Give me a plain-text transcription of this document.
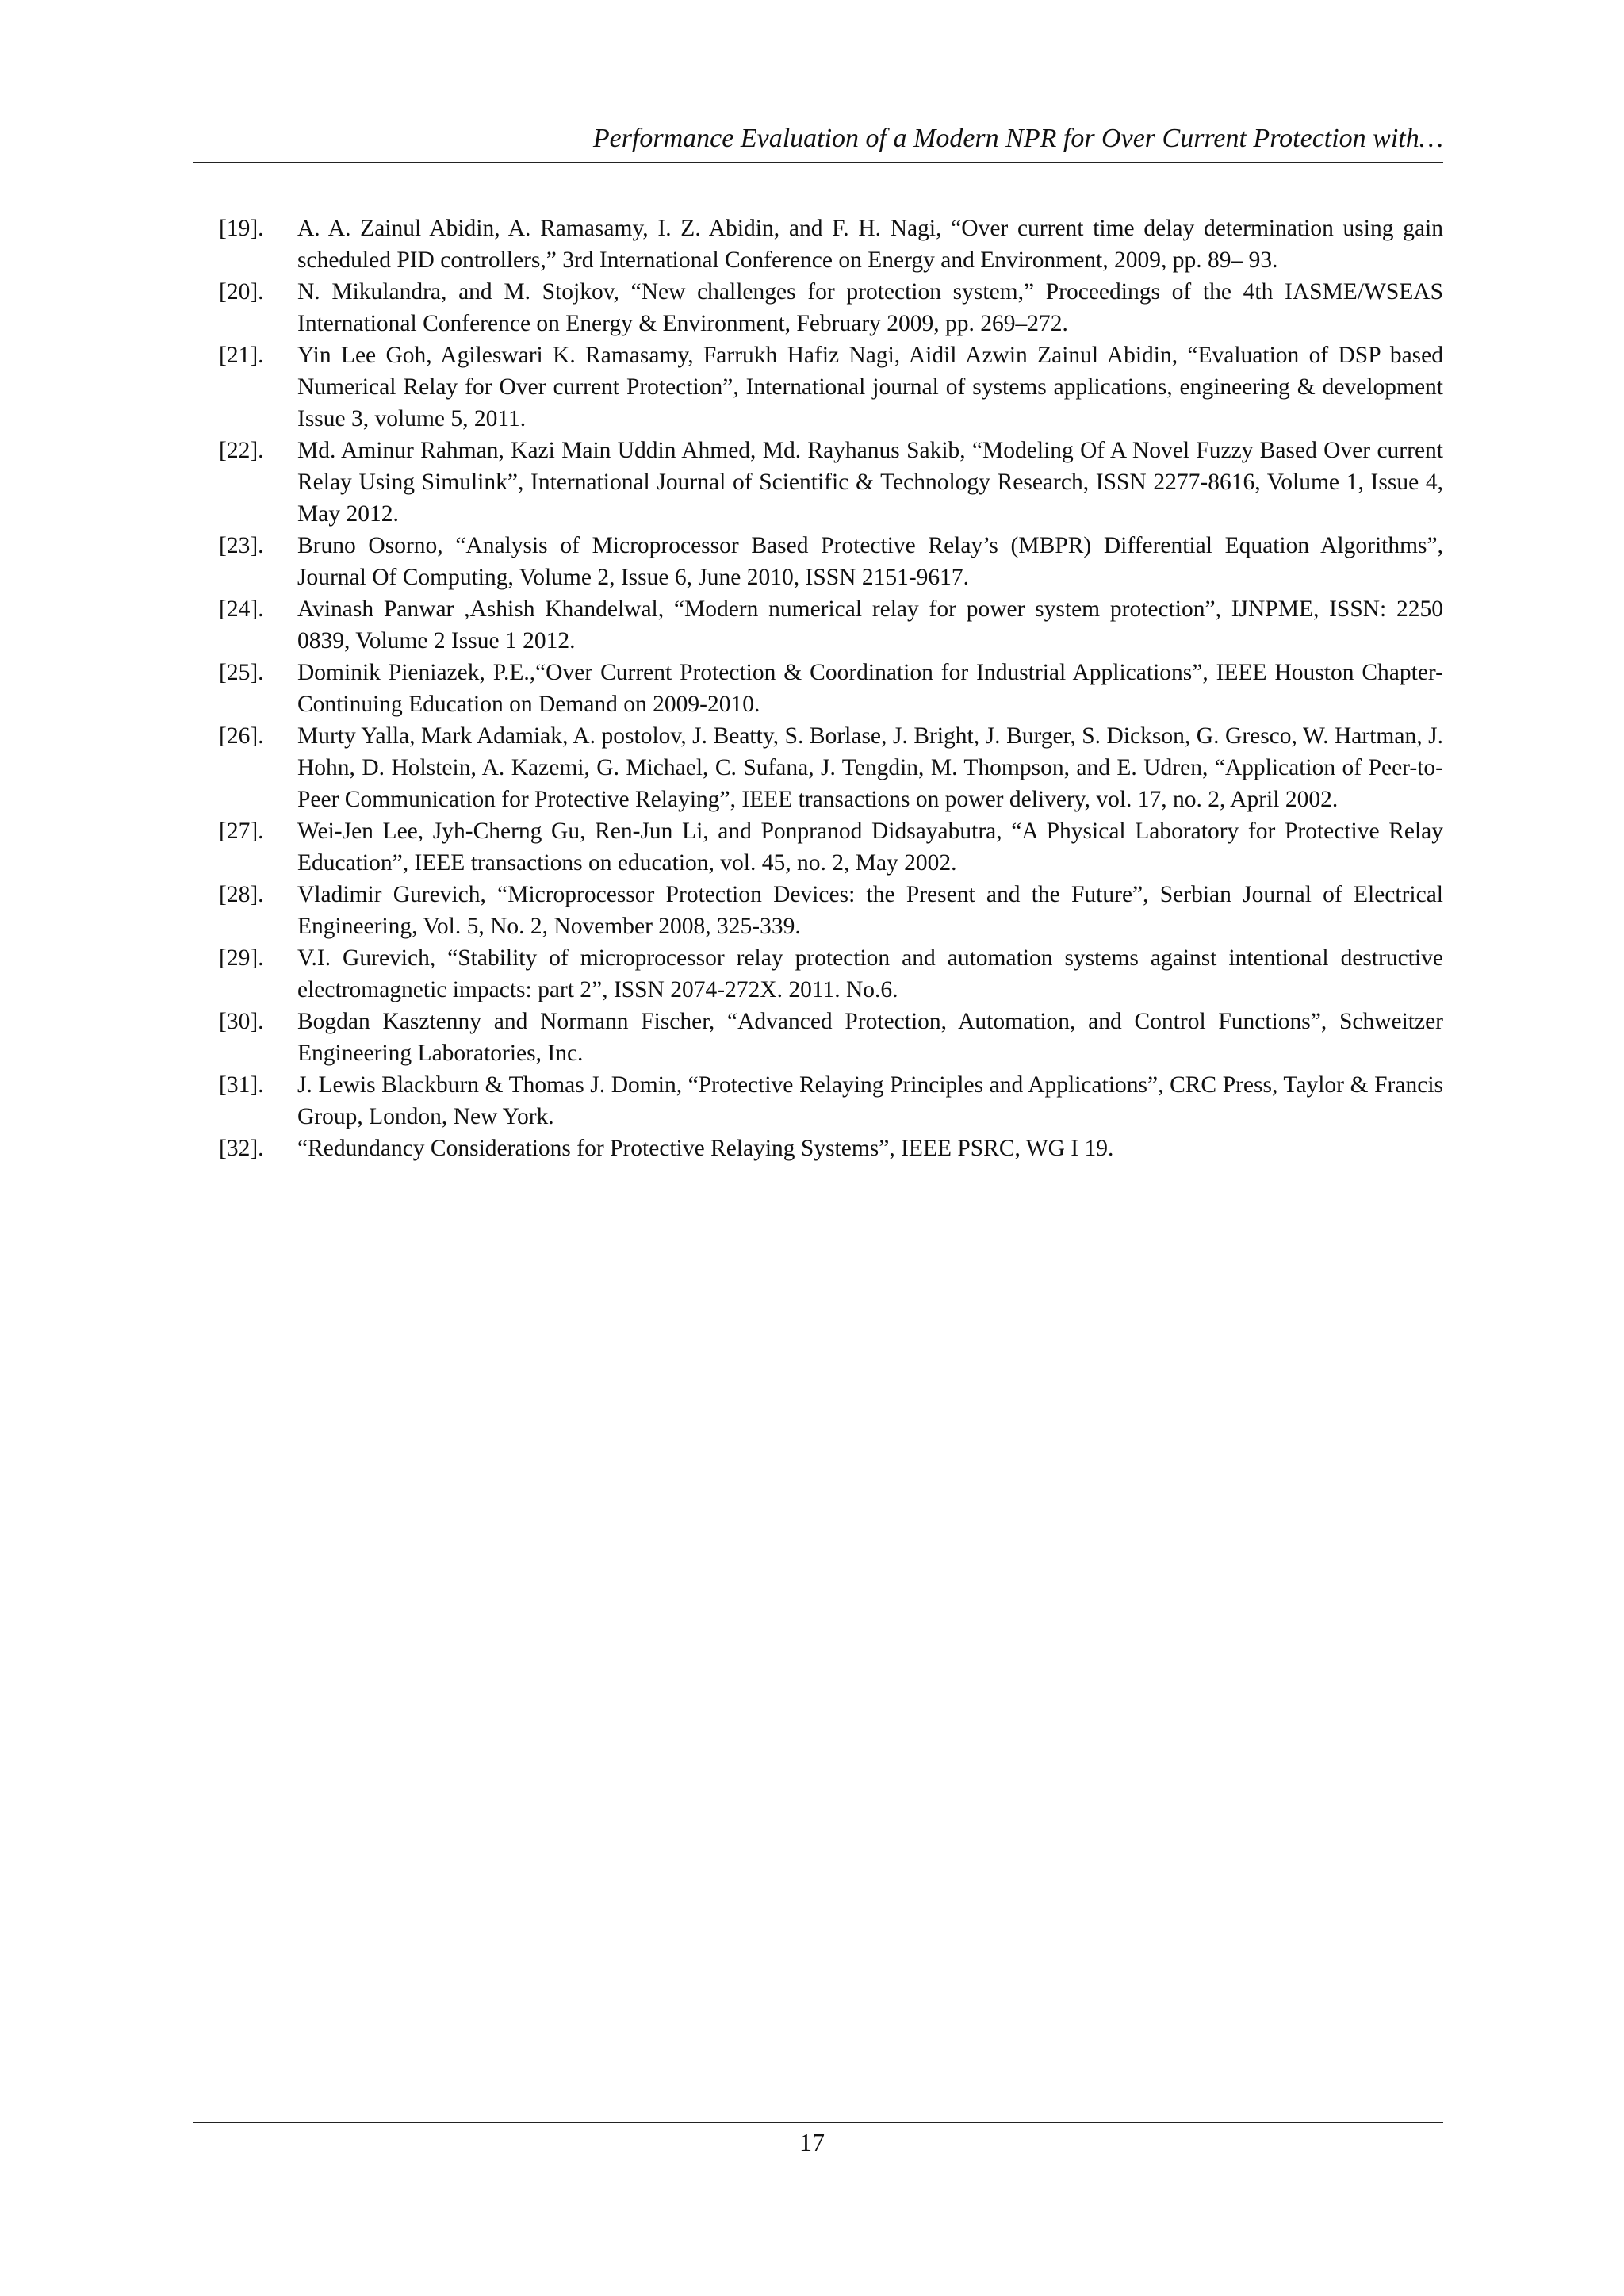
Performance Evaluation of a Modern NPR for Over Current Protection with…
[19].	A. A. Zainul Abidin, A. Ramasamy, I. Z. Abidin, and F. H. Nagi, “Over current time delay determination using gain scheduled PID controllers,” 3rd International Conference on Energy and Environment, 2009, pp. 89– 93.
[20].	N. Mikulandra, and M. Stojkov, “New challenges for protection system,” Proceedings of the 4th IASME/WSEAS International Conference on Energy & Environment, February 2009, pp. 269–272.
[21].	Yin Lee Goh, Agileswari K. Ramasamy, Farrukh Hafiz Nagi, Aidil Azwin Zainul Abidin, “Evaluation of DSP based Numerical Relay for Over current Protection”, International journal of systems applications, engineering & development Issue 3, volume 5, 2011.
[22].	Md. Aminur Rahman, Kazi Main Uddin Ahmed, Md. Rayhanus Sakib, “Modeling Of A Novel Fuzzy Based Over current Relay Using Simulink”, International Journal of Scientific & Technology Research, ISSN 2277-8616, Volume 1, Issue 4, May 2012.
[23].	Bruno Osorno, “Analysis of Microprocessor Based Protective Relay’s (MBPR) Differential Equation Algorithms”, Journal Of Computing, Volume 2, Issue 6, June 2010, ISSN 2151-9617.
[24].	Avinash Panwar ,Ashish Khandelwal, “Modern numerical relay for power system protection”, IJNPME, ISSN: 2250 0839, Volume 2 Issue 1 2012.
[25].	Dominik Pieniazek, P.E.,“Over Current Protection & Coordination for Industrial Applications”, IEEE Houston Chapter-Continuing Education on Demand on 2009-2010.
[26].	Murty Yalla, Mark Adamiak, A. postolov, J. Beatty, S. Borlase, J. Bright, J. Burger, S. Dickson, G. Gresco, W. Hartman, J. Hohn, D. Holstein, A. Kazemi, G. Michael, C. Sufana, J. Tengdin, M. Thompson, and E. Udren, “Application of Peer-to-Peer Communication for Protective Relaying”, IEEE transactions on power delivery, vol. 17, no. 2, April 2002.
[27].	Wei-Jen Lee, Jyh-Cherng Gu, Ren-Jun Li, and Ponpranod Didsayabutra, “A Physical Laboratory for Protective Relay Education”, IEEE transactions on education, vol. 45, no. 2, May 2002.
[28].	Vladimir Gurevich, “Microprocessor Protection Devices: the Present and the Future”, Serbian Journal of Electrical Engineering, Vol. 5, No. 2, November 2008, 325-339.
[29].	V.I. Gurevich, “Stability of microprocessor relay protection and automation systems against intentional destructive electromagnetic impacts: part 2”, ISSN 2074-272X. 2011. No.6.
[30].	Bogdan Kasztenny and Normann Fischer, “Advanced Protection, Automation, and Control Functions”, Schweitzer Engineering Laboratories, Inc.
[31].	J. Lewis Blackburn & Thomas J. Domin, “Protective Relaying Principles and Applications”, CRC Press, Taylor & Francis Group, London, New York.
[32].	“Redundancy Considerations for Protective Relaying Systems”, IEEE PSRC, WG I 19.
17
